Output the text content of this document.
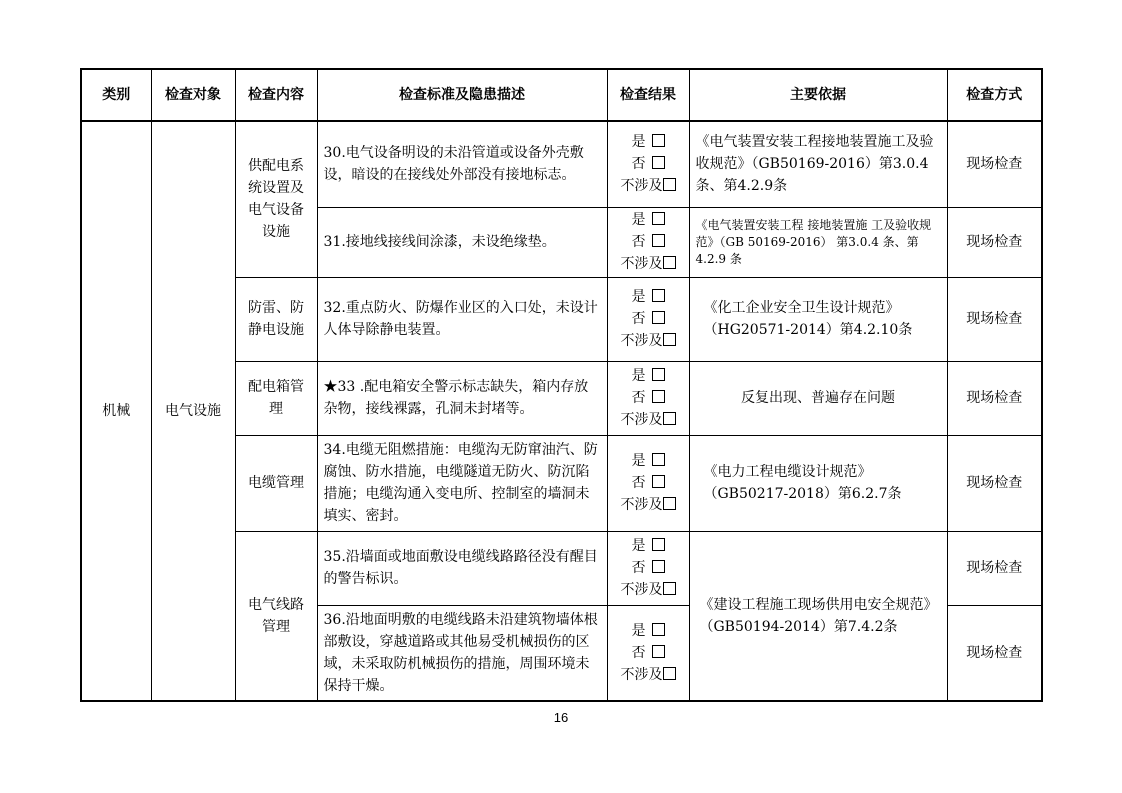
类别	检查对象	检查内容	检查标准及隐患描述	检查结果	主要依据	检查方式
机械	电气设施	供配电系统设置及电气设备设施	30.电气设备明设的未沿管道或设备外壳敷设，暗设的在接线处外部没有接地标志。	是
否
不涉及	《电气装置安装工程接地装置施工及验收规范》（GB50169-2016）第3.0.4条、第4.2.9条	现场检查
			31.接地线接线间涂漆，未设绝缘垫。	是
否
不涉及	《电气装置安装工程 接地装置施 工及验收规范》（GB 50169-2016） 第3.0.4 条、第4.2.9 条	现场检查
		防雷、防静电设施	32.重点防火、防爆作业区的入口处，未设计人体导除静电装置。	是
否
不涉及	《化工企业安全卫生设计规范》（HG20571-2014）第4.2.10条	现场检查
		配电箱管理	★33 .配电箱安全警示标志缺失，箱内存放杂物，接线裸露，孔洞未封堵等。	是
否
不涉及	反复出现、普遍存在问题	现场检查
		电缆管理	34.电缆无阻燃措施：电缆沟无防窜油汽、防腐蚀、防水措施，电缆隧道无防火、防沉陷措施；电缆沟通入变电所、控制室的墙洞未填实、密封。	是
否
不涉及	《电力工程电缆设计规范》（GB50217-2018）第6.2.7条	现场检查
		电气线路管理	35.沿墙面或地面敷设电缆线路路径没有醒目的警告标识。	是
否
不涉及	《建设工程施工现场供用电安全规范》（GB50194-2014）第7.4.2条	现场检查
			36.沿地面明敷的电缆线路未沿建筑物墙体根部敷设，穿越道路或其他易受机械损伤的区域，未采取防机械损伤的措施，周围环境未保持干燥。	是
否
不涉及		现场检查
16
